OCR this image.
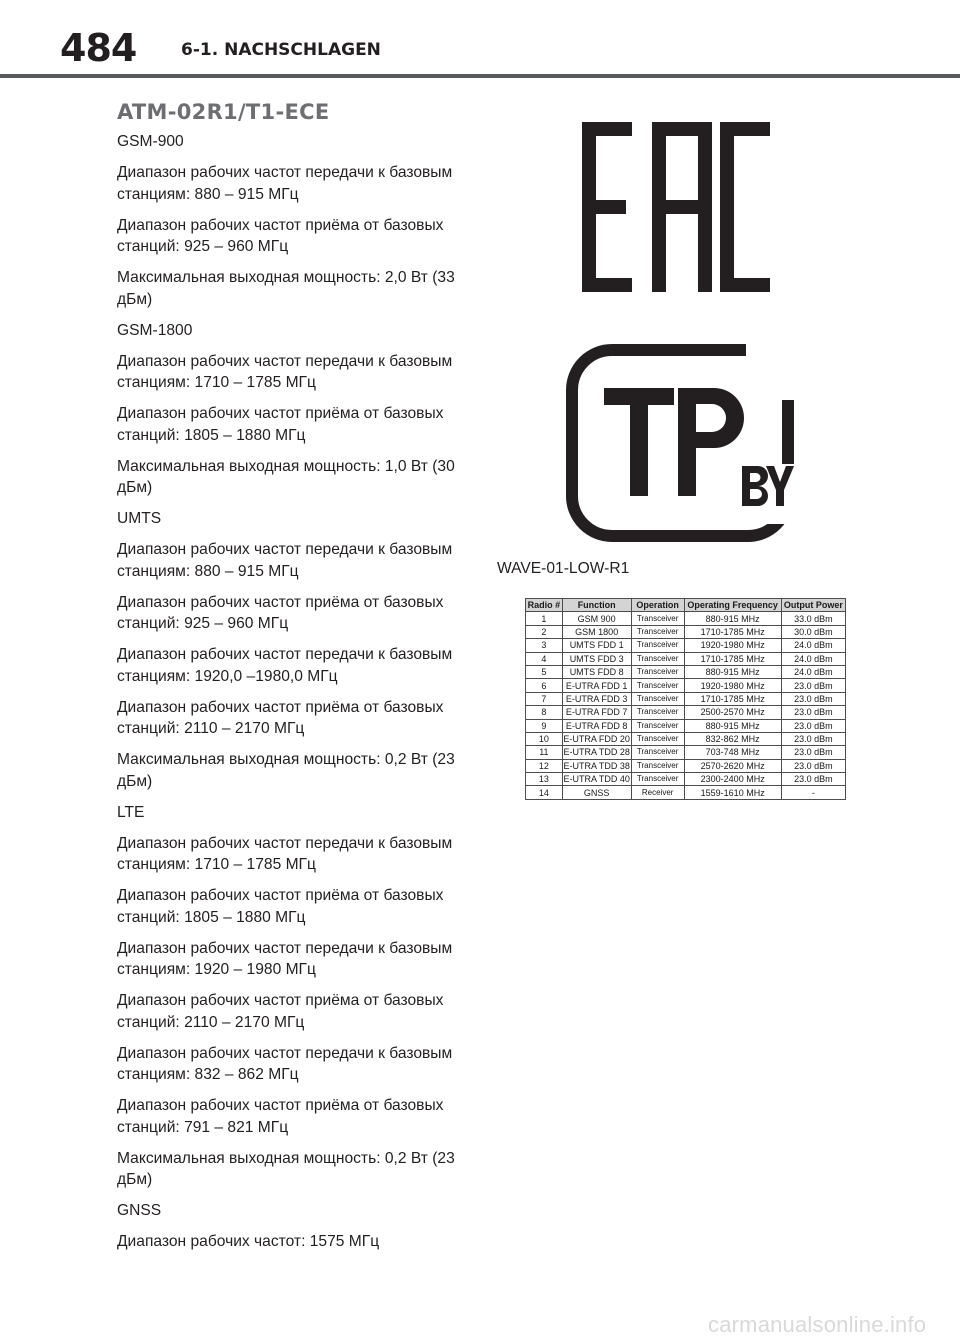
484	6-1. NACHSCHLAGEN
ATM-02R1/T1-ECE

GSM-900

Диапазон рабочих частот передачи к базовым станциям: 880 – 915 МГц

Диапазон рабочих частот приёма от базовых станций: 925 – 960 МГц

Максимальная выходная мощность: 2,0 Вт (33 дБм)

GSM-1800

Диапазон рабочих частот передачи к базовым станциям: 1710 – 1785 МГц

Диапазон рабочих частот приёма от базовых станций: 1805 – 1880 МГц

Максимальная выходная мощность: 1,0 Вт (30 дБм)

UMTS

Диапазон рабочих частот передачи к базовым станциям: 880 – 915 МГц

Диапазон рабочих частот приёма от базовых станций: 925 – 960 МГц

Диапазон рабочих частот передачи к базовым станциям: 1920,0 –1980,0 МГц

Диапазон рабочих частот приёма от базовых станций: 2110 – 2170 МГц

Максимальная выходная мощность: 0,2 Вт (23 дБм)

LTE

Диапазон рабочих частот передачи к базовым станциям: 1710 – 1785 МГц

Диапазон рабочих частот приёма от базовых станций: 1805 – 1880 МГц

Диапазон рабочих частот передачи к базовым станциям: 1920 – 1980 МГц

Диапазон рабочих частот приёма от базовых станций: 2110 – 2170 МГц

Диапазон рабочих частот передачи к базовым станциям: 832 – 862 МГц

Диапазон рабочих частот приёма от базовых станций: 791 – 821 МГц

Максимальная выходная мощность: 0,2 Вт (23 дБм)

GNSS

Диапазон рабочих частот: 1575 МГц

WAVE-01-LOW-R1
Radio #	Function	Operation	Operating Frequency	Output Power
1	GSM 900	Transceiver	880-915 MHz	33.0 dBm
2	GSM 1800	Transceiver	1710-1785 MHz	30.0 dBm
3	UMTS FDD 1	Transceiver	1920-1980 MHz	24.0 dBm
4	UMTS FDD 3	Transceiver	1710-1785 MHz	24.0 dBm
5	UMTS FDD 8	Transceiver	880-915 MHz	24.0 dBm
6	E-UTRA FDD 1	Transceiver	1920-1980 MHz	23.0 dBm
7	E-UTRA FDD 3	Transceiver	1710-1785 MHz	23.0 dBm
8	E-UTRA FDD 7	Transceiver	2500-2570 MHz	23.0 dBm
9	E-UTRA FDD 8	Transceiver	880-915 MHz	23.0 dBm
10	E-UTRA FDD 20	Transceiver	832-862 MHz	23.0 dBm
11	E-UTRA TDD 28	Transceiver	703-748 MHz	23.0 dBm
12	E-UTRA TDD 38	Transceiver	2570-2620 MHz	23.0 dBm
13	E-UTRA TDD 40	Transceiver	2300-2400 MHz	23.0 dBm
14	GNSS	Receiver	1559-1610 MHz	-
carmanualsonline.info
